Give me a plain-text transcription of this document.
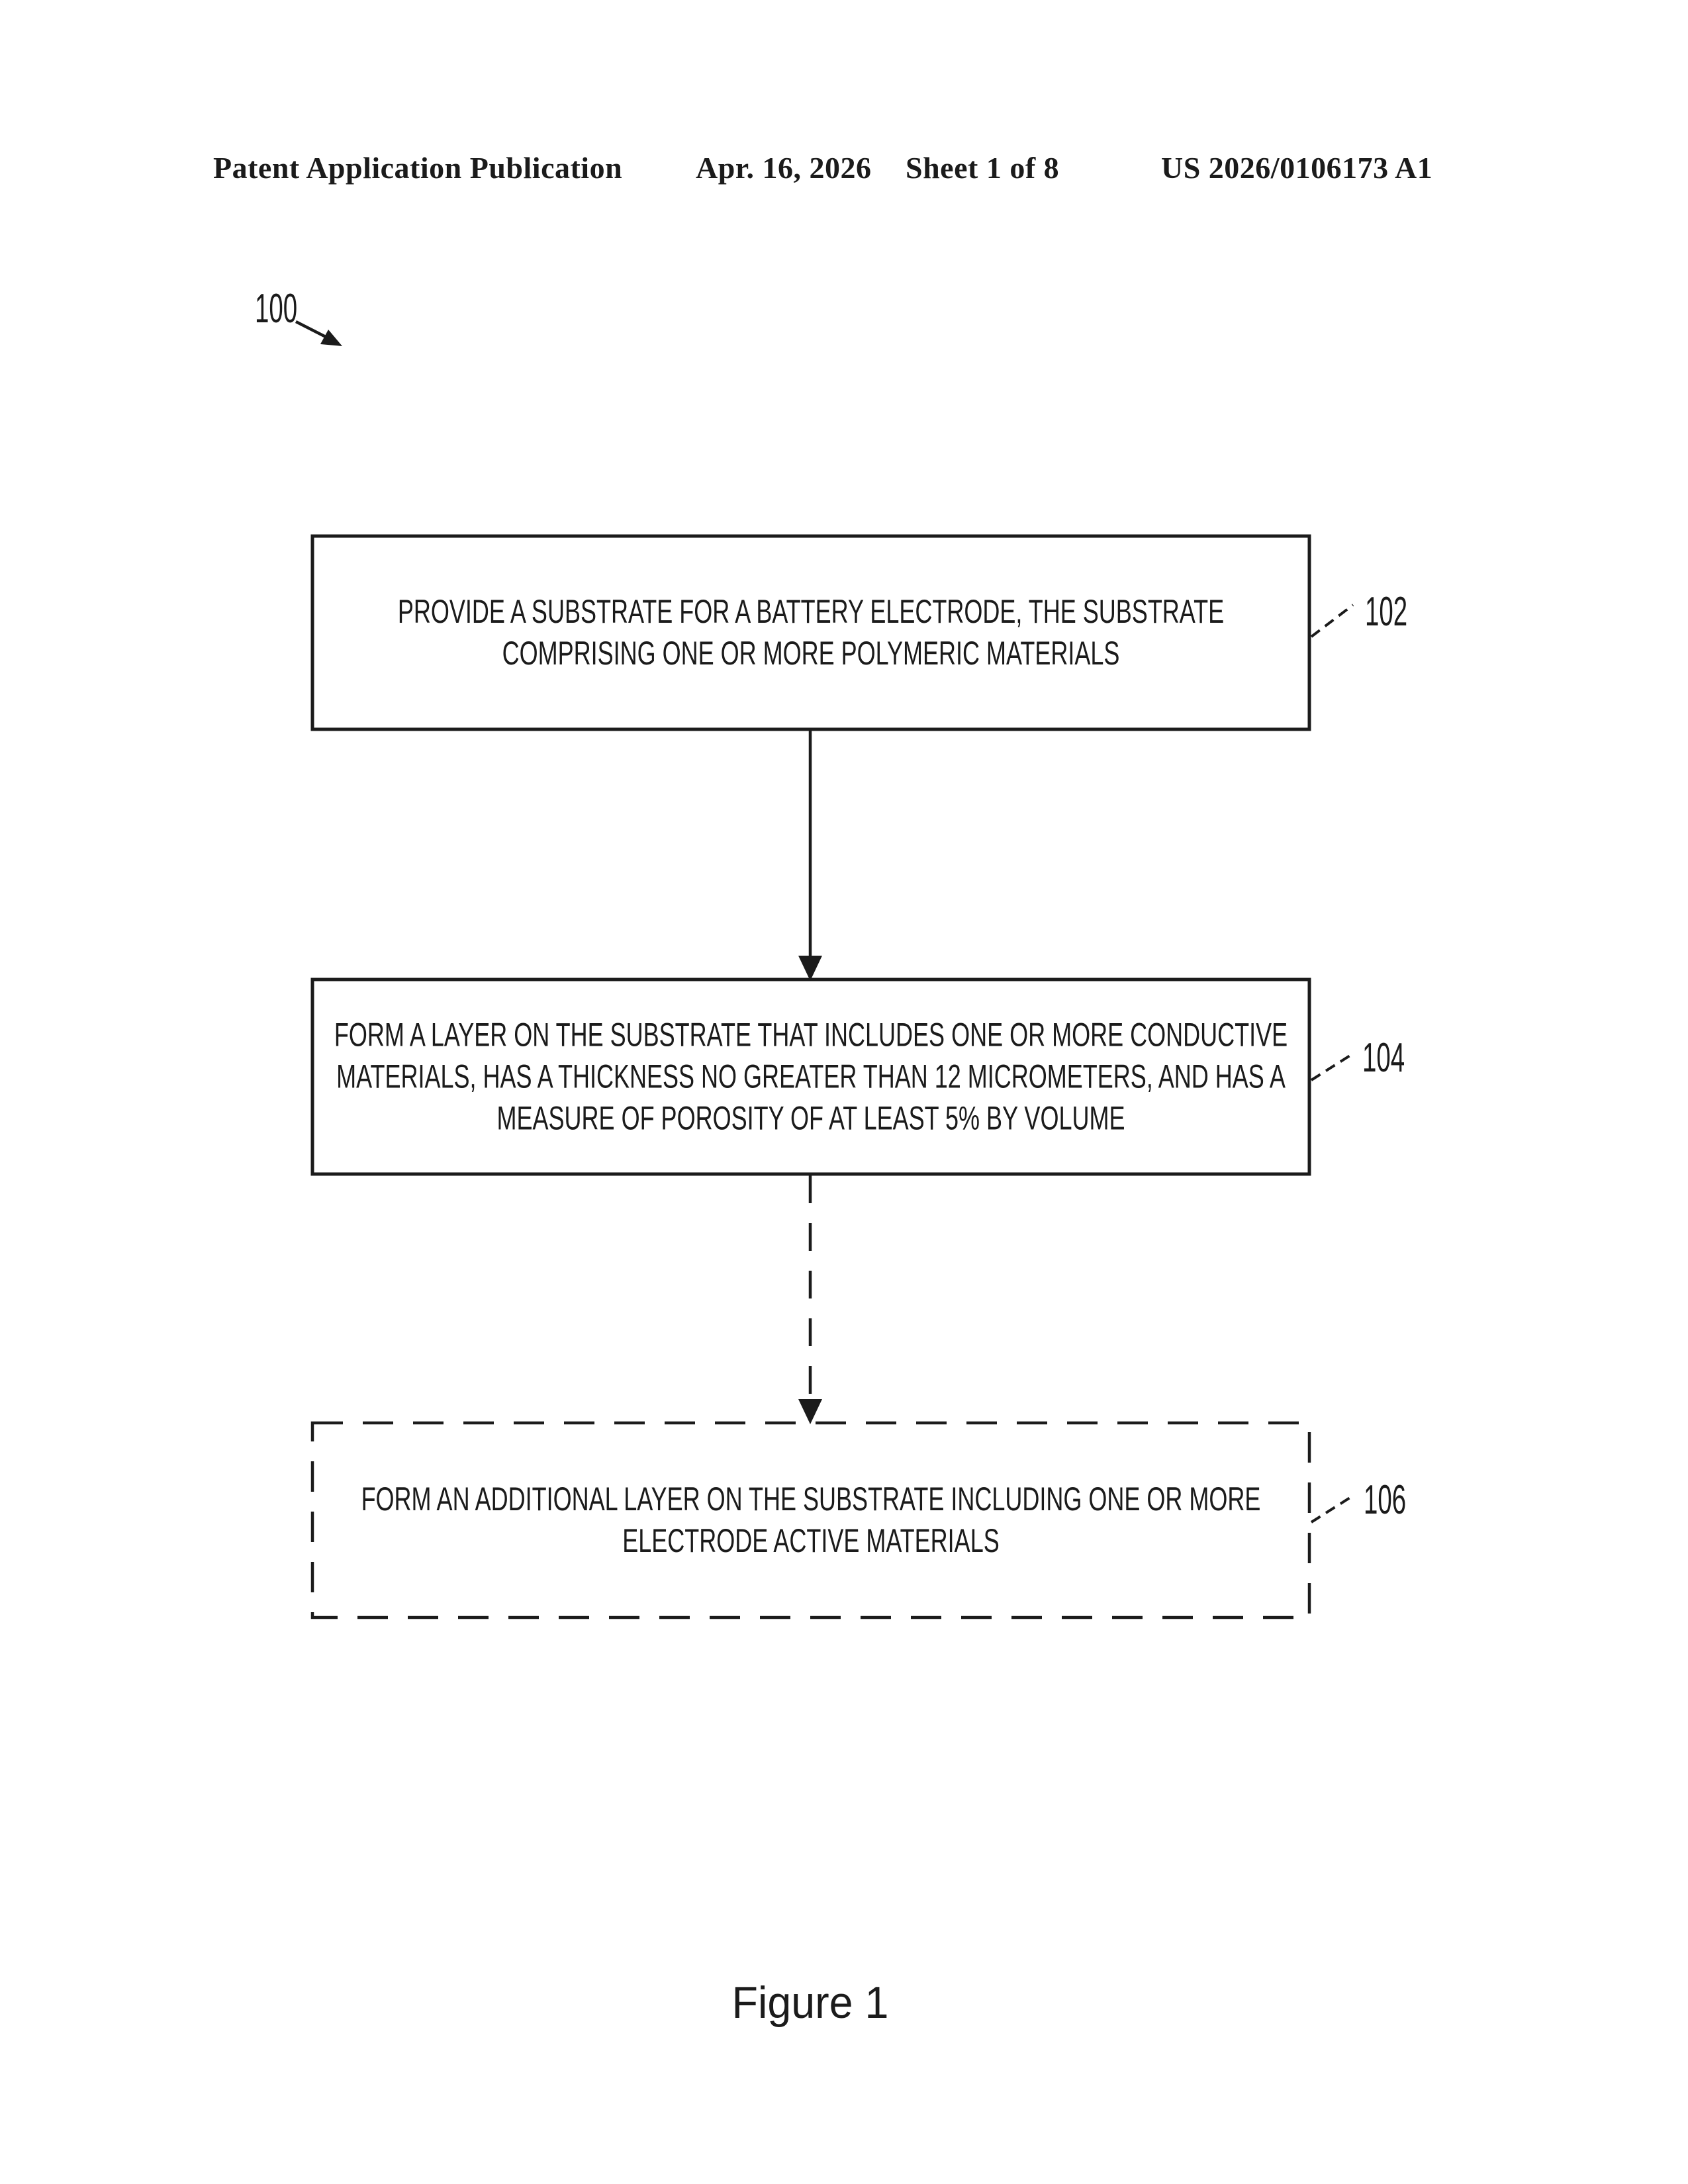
Patent Application Publication Apr. 16, 2026 Sheet 1 of 8	US 2026/0106173 A1
PROVIDE A SUBSTRATE FOR A BATTERY ELECTRODE, THE SUBSTRATE
COMPRISING ONE OR MORE POLYMERIC MATERIALS
FORM A LAYER ON THE SUBSTRATE THAT INCLUDES ONE OR MORE CONDUCTIVE
MATERIALS, HAS A THICKNESS NO GREATER THAN 12 MICROMETERS, AND HAS A
MEASURE OF POROSITY OF AT LEAST 5% BY VOLUME
FORM AN ADDITIONAL LAYER ON THE SUBSTRATE INCLUDING ONE OR MORE
ELECTRODE ACTIVE MATERIALS
100
102
104
106
Figure 1
